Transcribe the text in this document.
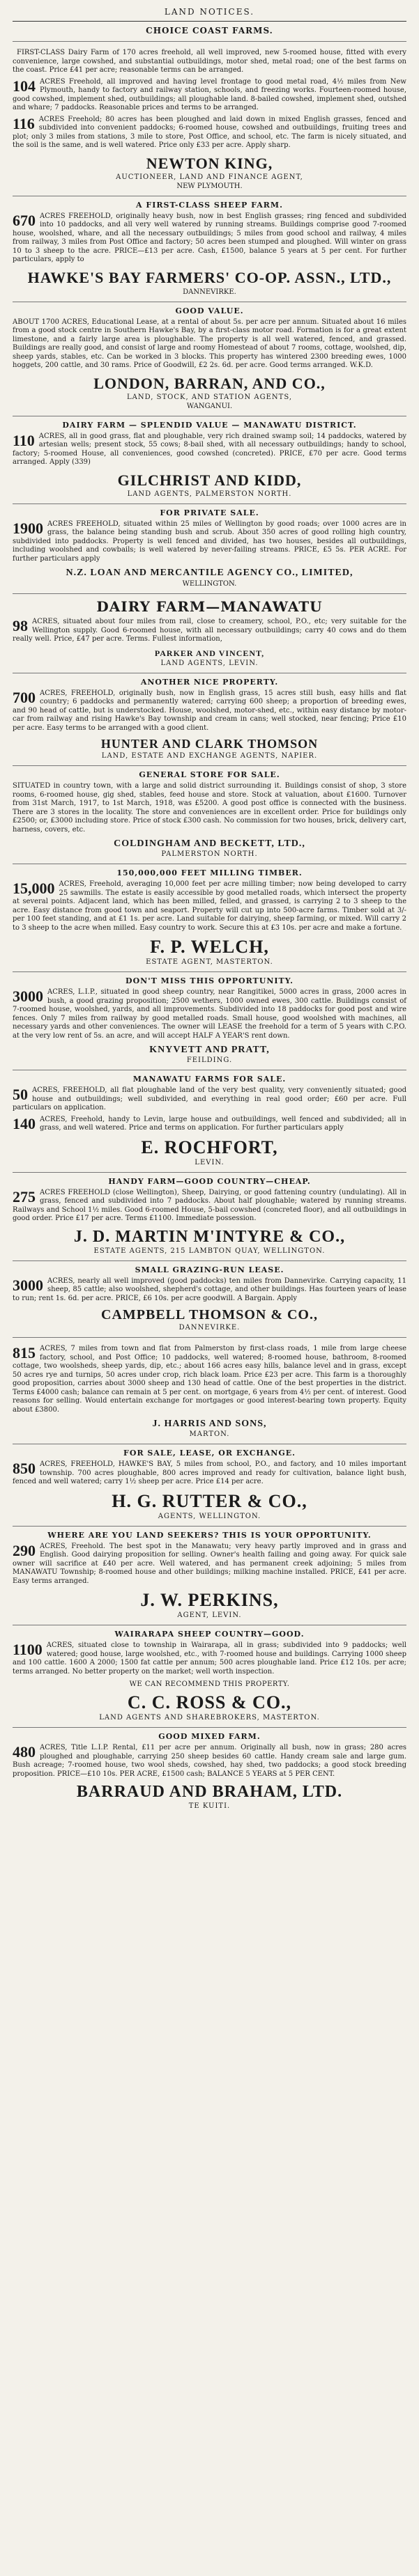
LAND NOTICES.
CHOICE COAST FARMS.
FIRST-CLASS Dairy Farm of 170 acres freehold, all well improved, new 5-roomed house, fitted with every convenience, large cowshed, and substantial outbuildings, motor shed, metal road; one of the best farms on the coast. Price £41 per acre; reasonable terms can be arranged.
104 ACRES Freehold, all improved and having level frontage to good metal road, 4½ miles from New Plymouth, handy to factory and railway station, schools, and freezing works. Fourteen-roomed house, good cowshed, implement shed, outbuildings; all ploughable land. 8-bailed cowshed, implement shed, outshed and whare; 7 paddocks. Reasonable prices and terms to be arranged.
116 ACRES Freehold; 80 acres has been ploughed and laid down in mixed English grasses, fenced and subdivided into convenient paddocks; 6-roomed house, cowshed and outbuildings, fruiting trees and plot; only 3 miles from stations, 3 mile to store, Post Office, and school, etc. The farm is nicely situated, and the soil is the same, and is well watered. Price only £33 per acre. Apply sharp.
NEWTON KING,
AUCTIONEER, LAND AND FINANCE AGENT,
NEW PLYMOUTH.
A FIRST-CLASS SHEEP FARM.
670 ACRES FREEHOLD, originally heavy bush, now in best English grasses; ring fenced and subdivided into 10 paddocks, and all very well watered by running streams. Buildings comprise good 7-roomed house, woolshed, whare, and all the necessary outbuildings; 5 miles from good school and railway, 4 miles from railway, 3 miles from Post Office and factory; 50 acres been stumped and ploughed. Will winter on grass 10 to 3 sheep to the acre. PRICE—£13 per acre. Cash, £1500, balance 5 years at 5 per cent. For further particulars, apply to
HAWKE'S BAY FARMERS' CO-OP. ASSN., LTD.,
DANNEVIRKE.
GOOD VALUE.
ABOUT 1700 ACRES, Educational Lease, at a rental of about 5s. per acre per annum. Situated about 16 miles from a good stock centre in Southern Hawke's Bay, by a first-class motor road. Formation is for a great extent limestone, and a fairly large area is ploughable. The property is all well watered, fenced, and grassed. Buildings are really good, and consist of large and roomy Homestead of about 7 rooms, cottage, woolshed, dip, sheep yards, stables, etc. Can be worked in 3 blocks. This property has wintered 2300 breeding ewes, 1000 hoggets, 200 cattle, and 30 rams. Price of Goodwill, £2 2s. 6d. per acre. Good terms arranged. W.K.D.
LONDON, BARRAN, AND CO.,
LAND, STOCK, AND STATION AGENTS,
WANGANUI.
DAIRY FARM — SPLENDID VALUE — MANAWATU DISTRICT.
110 ACRES, all in good grass, flat and ploughable, very rich drained swamp soil; 14 paddocks, watered by artesian wells; present stock, 55 cows; 8-bail shed, with all necessary outbuildings; handy to school, factory; 5-roomed House, all conveniences, good cowshed (concreted). PRICE, £70 per acre. Good terms arranged. Apply (339)
GILCHRIST AND KIDD,
LAND AGENTS, PALMERSTON NORTH.
FOR PRIVATE SALE.
1900 ACRES FREEHOLD, situated within 25 miles of Wellington by good roads; over 1000 acres are in grass, the balance being standing bush and scrub. About 350 acres of good rolling high country, subdivided into paddocks. Property is well fenced and divided, has two houses, besides all outbuildings, including woolshed and cowbails; is well watered by never-failing streams. PRICE, £5 5s. PER ACRE. For further particulars apply
N.Z. LOAN AND MERCANTILE AGENCY CO., LIMITED,
WELLINGTON.
DAIRY FARM—MANAWATU
98 ACRES, situated about four miles from rail, close to creamery, school, P.O., etc; very suitable for the Wellington supply. Good 6-roomed house, with all necessary outbuildings; carry 40 cows and do them really well. Price, £47 per acre. Terms. Fullest information,
PARKER AND VINCENT,
LAND AGENTS, LEVIN.
ANOTHER NICE PROPERTY.
700 ACRES, FREEHOLD, originally bush, now in English grass, 15 acres still bush, easy hills and flat country; 6 paddocks and permanently watered; carrying 600 sheep; a proportion of breeding ewes, and 90 head of cattle, but is understocked. House, woolshed, motor-shed, etc., within easy distance by motor-car from railway and rising Hawke's Bay township and cream in cans; well stocked, near fencing; Price £10 per acre. Easy terms to be arranged with a good client.
HUNTER AND CLARK THOMSON
LAND, ESTATE AND EXCHANGE AGENTS, NAPIER.
GENERAL STORE FOR SALE.
SITUATED in country town, with a large and solid district surrounding it. Buildings consist of shop, 3 store rooms, 6-roomed house, gig shed, stables, feed house and store. Stock at valuation, about £1600. Turnover from 31st March, 1917, to 1st March, 1918, was £5200. A good post office is connected with the business. There are 3 stores in the locality. The store and conveniences are in excellent order. Price for buildings only £2500; or, £3000 including store. Price of stock £300 cash. No commission for two houses, brick, delivery cart, harness, covers, etc.
COLDINGHAM AND BECKETT, LTD.,
PALMERSTON NORTH.
150,000,000 FEET MILLING TIMBER.
15,000 ACRES, Freehold, averaging 10,000 feet per acre milling timber; now being developed to carry 25 sawmills. The estate is easily accessible by good metalled roads, which intersect the property at several points. Adjacent land, which has been milled, felled, and grassed, is carrying 2 to 3 sheep to the acre. Easy distance from good town and seaport. Property will cut up into 500-acre farms. Timber sold at 3/- per 100 feet standing, and at £1 1s. per acre. Land suitable for dairying, sheep farming, or mixed. Will carry 2 to 3 sheep to the acre when milled. Easy country to work. Secure this at £3 10s. per acre and make a fortune.
F. P. WELCH,
ESTATE AGENT, MASTERTON.
DON'T MISS THIS OPPORTUNITY.
3000 ACRES, L.I.P., situated in good sheep country, near Rangitikei, 5000 acres in grass, 2000 acres in bush, a good grazing proposition; 2500 wethers, 1000 owned ewes, 300 cattle. Buildings consist of 7-roomed house, woolshed, yards, and all improvements. Subdivided into 18 paddocks for good post and wire fences. Only 7 miles from railway by good metalled roads. Small house, good woolshed with machines, all necessary yards and other conveniences. The owner will LEASE the freehold for a term of 5 years with C.P.O. at the very low rent of 5s. an acre, and will accept HALF A YEAR'S rent down.
KNYVETT AND PRATT,
FEILDING.
MANAWATU FARMS FOR SALE.
50 ACRES, FREEHOLD, all flat ploughable land of the very best quality, very conveniently situated; good house and outbuildings; well subdivided, and everything in real good order; £60 per acre. Full particulars on application.
140 ACRES, Freehold, handy to Levin, large house and outbuildings, well fenced and subdivided; all in grass, and well watered. Price and terms on application. For further particulars apply
E. ROCHFORT,
LEVIN.
HANDY FARM—GOOD COUNTRY—CHEAP.
275 ACRES FREEHOLD (close Wellington), Sheep, Dairying, or good fattening country (undulating). All in grass, fenced and subdivided into 7 paddocks. About half ploughable; watered by running streams. Railways and School 1½ miles. Good 6-roomed House, 5-bail cowshed (concreted floor), and all outbuildings in good order. Price £17 per acre. Terms £1100. Immediate possession.
J. D. MARTIN M'INTYRE & CO.,
ESTATE AGENTS, 215 LAMBTON QUAY, WELLINGTON.
SMALL GRAZING-RUN LEASE.
3000 ACRES, nearly all well improved (good paddocks) ten miles from Dannevirke. Carrying capacity, 11 sheep, 85 cattle; also woolshed, shepherd's cottage, and other buildings. Has fourteen years of lease to run; rent 1s. 6d. per acre. PRICE, £6 10s. per acre goodwill. A Bargain. Apply
CAMPBELL THOMSON & CO.,
DANNEVIRKE.
815 ACRES, 7 miles from town and flat from Palmerston by first-class roads, 1 mile from large cheese factory, school, and Post Office; 10 paddocks, well watered; 8-roomed house, bathroom, 8-roomed cottage, two woolsheds, sheep yards, dip, etc.; about 166 acres easy hills, balance level and in grass, except 50 acres rye and turnips, 50 acres under crop, rich black loam. Price £23 per acre. This farm is a thoroughly good proposition, carries about 3000 sheep and 130 head of cattle. One of the best properties in the district. Terms £4000 cash; balance can remain at 5 per cent. on mortgage, 6 years from 4½ per cent. of interest. Good reasons for selling. Would entertain exchange for mortgages or good interest-bearing town property. Equity about £3800.
J. HARRIS AND SONS,
MARTON.
FOR SALE, LEASE, OR EXCHANGE.
850 ACRES, FREEHOLD, HAWKE'S BAY, 5 miles from school, P.O., and factory, and 10 miles important township. 700 acres ploughable, 800 acres improved and ready for cultivation, balance light bush, fenced and well watered; carry 1½ sheep per acre. Price £14 per acre.
H. G. RUTTER & CO.,
AGENTS, WELLINGTON.
WHERE ARE YOU LAND SEEKERS? THIS IS YOUR OPPORTUNITY.
290 ACRES, Freehold. The best spot in the Manawatu; very heavy partly improved and in grass and English. Good dairying proposition for selling. Owner's health failing and going away. For quick sale owner will sacrifice at £40 per acre. Well watered, and has permanent creek adjoining; 5 miles from MANAWATU Township; 8-roomed house and other buildings; milking machine installed. PRICE, £41 per acre. Easy terms arranged.
J. W. PERKINS,
AGENT, LEVIN.
WAIRARAPA SHEEP COUNTRY—GOOD.
1100 ACRES, situated close to township in Wairarapa, all in grass; subdivided into 9 paddocks; well watered; good house, large woolshed, etc., with 7-roomed house and buildings. Carrying 1000 sheep and 100 cattle. 1600 A 2000; 1500 fat cattle per annum; 500 acres ploughable land. Price £12 10s. per acre; terms arranged. No better property on the market; well worth inspection.
WE CAN RECOMMEND THIS PROPERTY.
C. C. ROSS & CO.,
LAND AGENTS AND SHAREBROKERS, MASTERTON.
GOOD MIXED FARM.
480 ACRES, Title L.I.P. Rental, £11 per acre per annum. Originally all bush, now in grass; 280 acres ploughed and ploughable, carrying 250 sheep besides 60 cattle. Handy cream sale and large gum. Bush acreage; 7-roomed house, two wool sheds, cowshed, hay shed, two paddocks; a good stock breeding proposition. PRICE—£10 10s. PER ACRE, £1500 cash; BALANCE 5 YEARS at 5 PER CENT.
BARRAUD AND BRAHAM, LTD.
TE KUITI.
